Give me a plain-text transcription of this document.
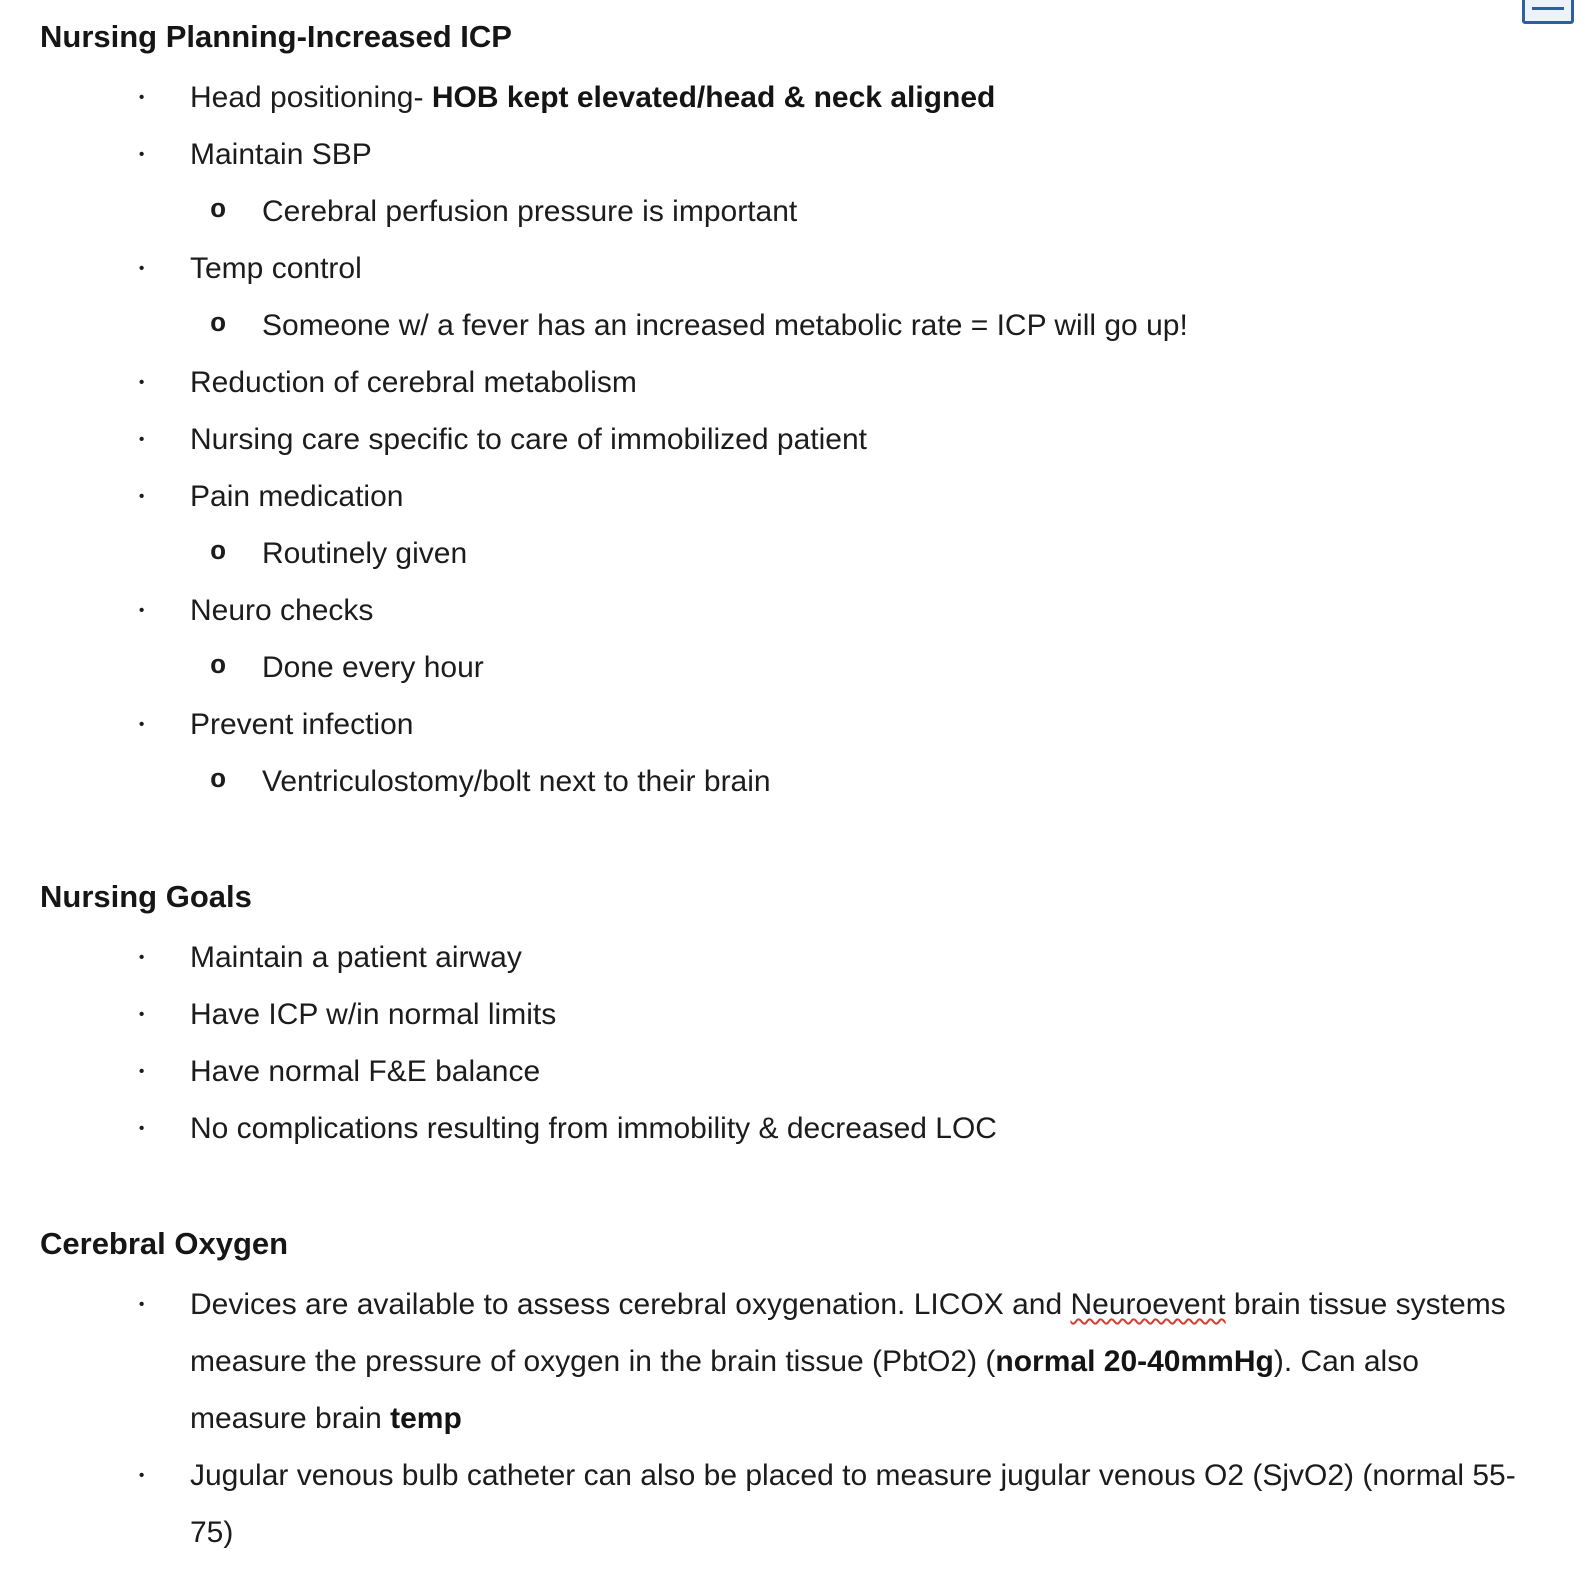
Nursing Planning-Increased ICP
• Head positioning- HOB kept elevated/head & neck aligned
• Maintain SBP
o Cerebral perfusion pressure is important
• Temp control
o Someone w/ a fever has an increased metabolic rate = ICP will go up!
• Reduction of cerebral metabolism
• Nursing care specific to care of immobilized patient
• Pain medication
o Routinely given
• Neuro checks
o Done every hour
• Prevent infection
o Ventriculostomy/bolt next to their brain
Nursing Goals
• Maintain a patient airway
• Have ICP w/in normal limits
• Have normal F&E balance
• No complications resulting from immobility & decreased LOC
Cerebral Oxygen
• Devices are available to assess cerebral oxygenation. LICOX and Neuroevent brain tissue systems measure the pressure of oxygen in the brain tissue (PbtO2) (normal 20-40mmHg). Can also measure brain temp
• Jugular venous bulb catheter can also be placed to measure jugular venous O2 (SjvO2) (normal 55-75)
